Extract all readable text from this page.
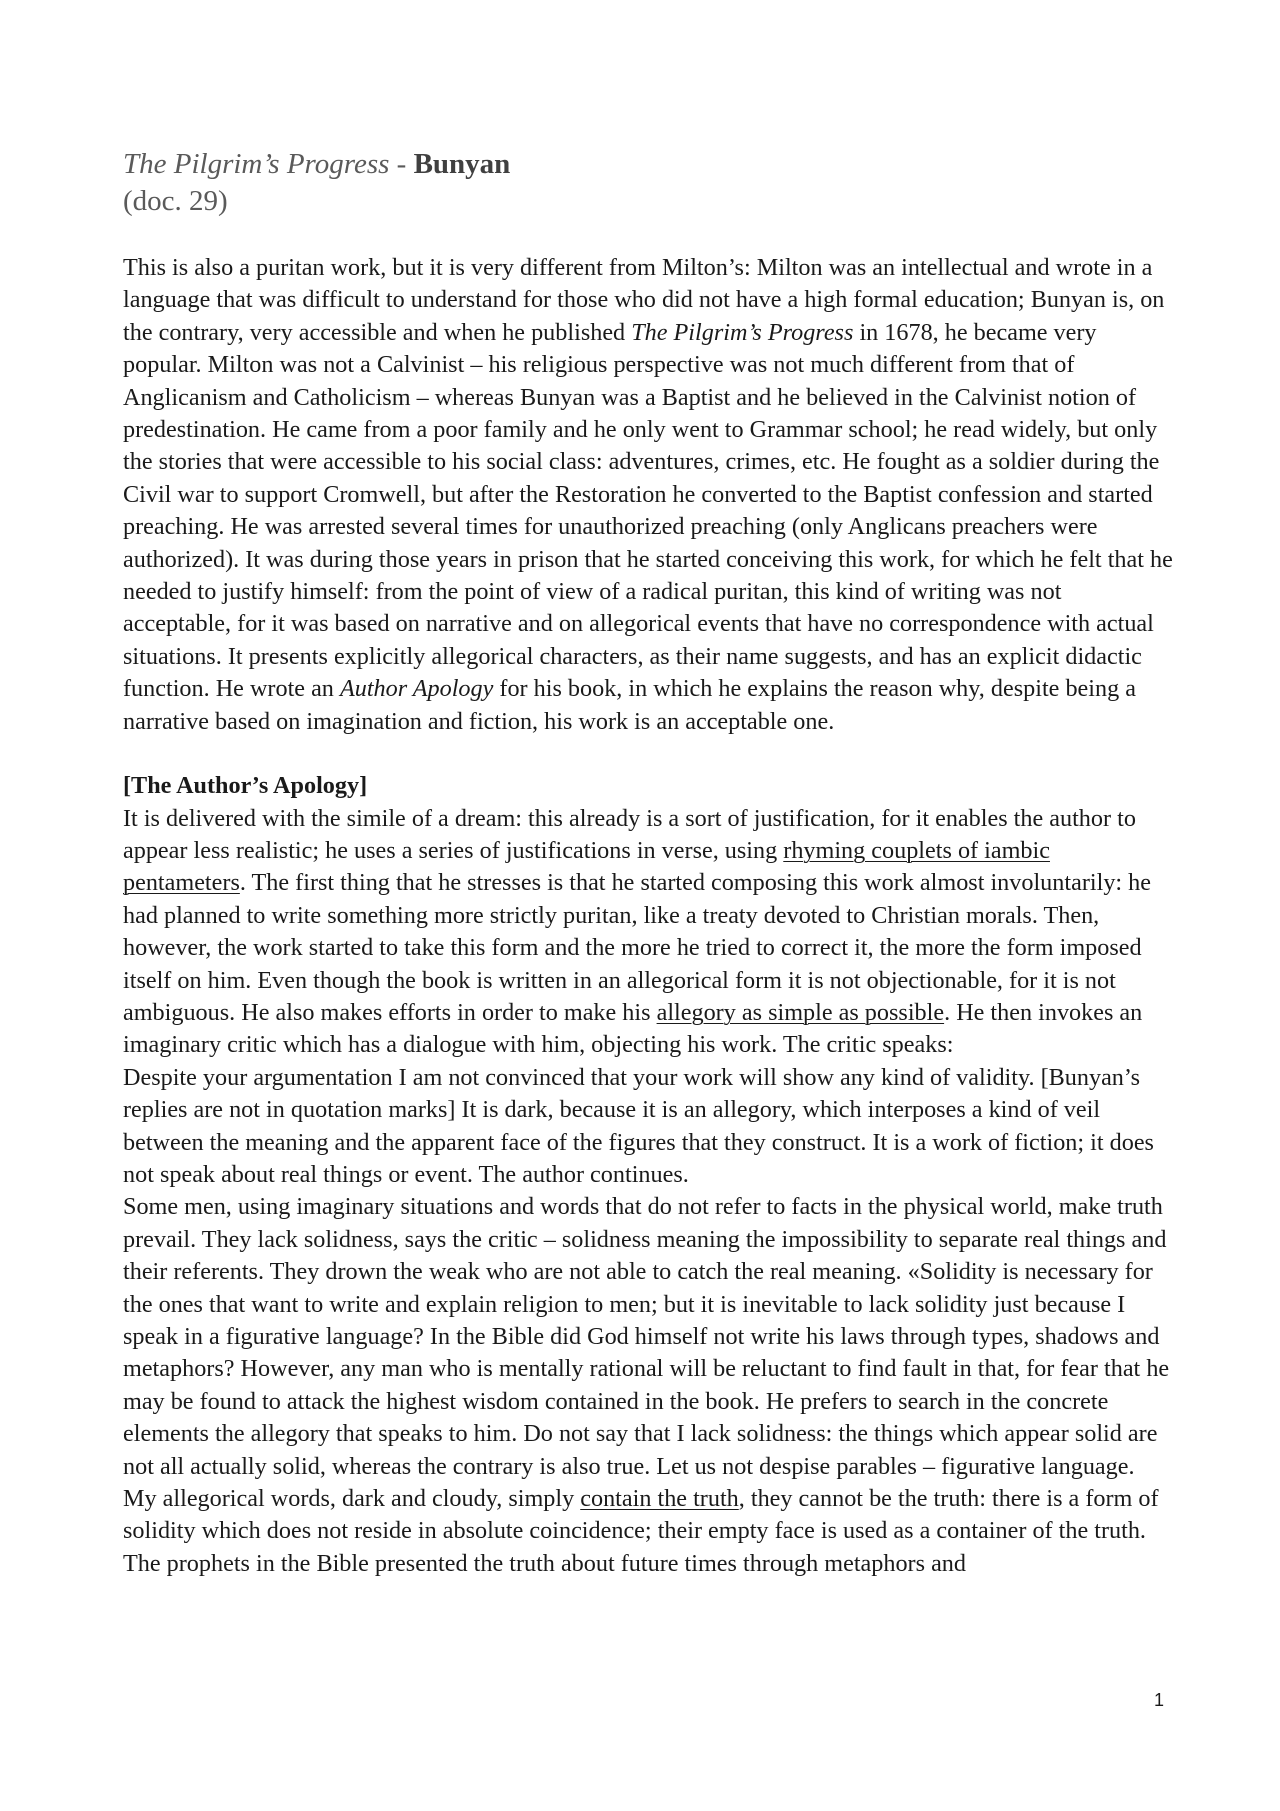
The Pilgrim’s Progress - Bunyan
(doc. 29)

This is also a puritan work, but it is very different from Milton’s: Milton was an intellectual and wrote in a language that was difficult to understand for those who did not have a high formal education; Bunyan is, on the contrary, very accessible and when he published The Pilgrim’s Progress in 1678, he became very popular. Milton was not a Calvinist – his religious perspective was not much different from that of Anglicanism and Catholicism – whereas Bunyan was a Baptist and he believed in the Calvinist notion of predestination. He came from a poor family and he only went to Grammar school; he read widely, but only the stories that were accessible to his social class: adventures, crimes, etc. He fought as a soldier during the Civil war to support Cromwell, but after the Restoration he converted to the Baptist confession and started preaching. He was arrested several times for unauthorized preaching (only Anglicans preachers were authorized). It was during those years in prison that he started conceiving this work, for which he felt that he needed to justify himself: from the point of view of a radical puritan, this kind of writing was not acceptable, for it was based on narrative and on allegorical events that have no correspondence with actual situations. It presents explicitly allegorical characters, as their name suggests, and has an explicit didactic function. He wrote an Author Apology for his book, in which he explains the reason why, despite being a narrative based on imagination and fiction, his work is an acceptable one.

[The Author’s Apology]

It is delivered with the simile of a dream: this already is a sort of justification, for it enables the author to appear less realistic; he uses a series of justifications in verse, using rhyming couplets of iambic pentameters. The first thing that he stresses is that he started composing this work almost involuntarily: he had planned to write something more strictly puritan, like a treaty devoted to Christian morals. Then, however, the work started to take this form and the more he tried to correct it, the more the form imposed itself on him. Even though the book is written in an allegorical form it is not objectionable, for it is not ambiguous. He also makes efforts in order to make his allegory as simple as possible. He then invokes an imaginary critic which has a dialogue with him, objecting his work. The critic speaks:

Despite your argumentation I am not convinced that your work will show any kind of validity. [Bunyan’s replies are not in quotation marks] It is dark, because it is an allegory, which interposes a kind of veil between the meaning and the apparent face of the figures that they construct. It is a work of fiction; it does not speak about real things or event. The author continues.

Some men, using imaginary situations and words that do not refer to facts in the physical world, make truth prevail. They lack solidness, says the critic – solidness meaning the impossibility to separate real things and their referents. They drown the weak who are not able to catch the real meaning. «Solidity is necessary for the ones that want to write and explain religion to men; but it is inevitable to lack solidity just because I speak in a figurative language? In the Bible did God himself not write his laws through types, shadows and metaphors? However, any man who is mentally rational will be reluctant to find fault in that, for fear that he may be found to attack the highest wisdom contained in the book. He prefers to search in the concrete elements the allegory that speaks to him. Do not say that I lack solidness: the things which appear solid are not all actually solid, whereas the contrary is also true. Let us not despise parables – figurative language. My allegorical words, dark and cloudy, simply contain the truth, they cannot be the truth: there is a form of solidity which does not reside in absolute coincidence; their empty face is used as a container of the truth. The prophets in the Bible presented the truth about future times through metaphors and

1
